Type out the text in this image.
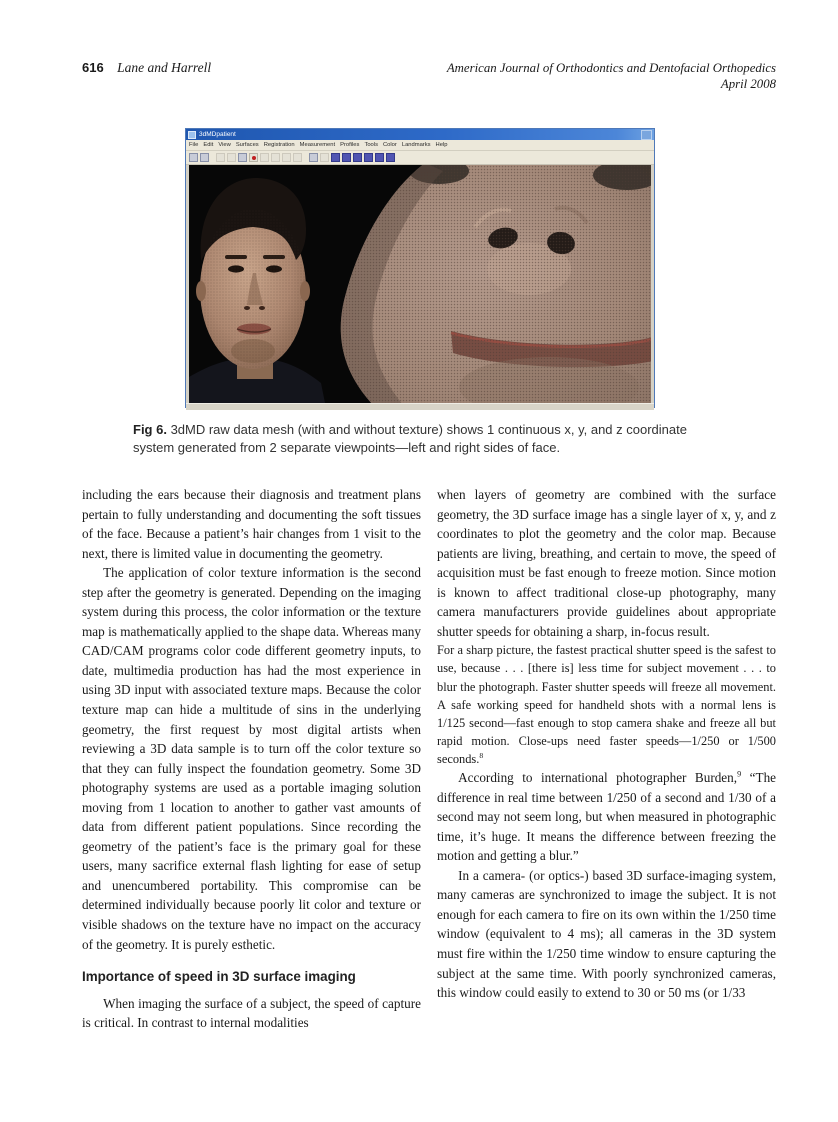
616 Lane and Harrell	American Journal of Orthodontics and Dentofacial Orthopedics
April 2008
3dMDpatient
File Edit View Surfaces Registration Measurement Profiles Tools Color Landmarks Help
Fig 6. 3dMD raw data mesh (with and without texture) shows 1 continuous x, y, and z coordinate system generated from 2 separate viewpoints—left and right sides of face.

including the ears because their diagnosis and treatment plans pertain to fully understanding and documenting the soft tissues of the face. Because a patient’s hair changes from 1 visit to the next, there is limited value in documenting the geometry.

The application of color texture information is the second step after the geometry is generated. Depending on the imaging system during this process, the color information or the texture map is mathematically applied to the shape data. Whereas many CAD/CAM programs color code different geometry inputs, to date, multimedia production has had the most experience in using 3D input with associated texture maps. Because the color texture map can hide a multitude of sins in the underlying geometry, the first request by most digital artists when reviewing a 3D data sample is to turn off the color texture so that they can fully inspect the foundation geometry. Some 3D photography systems are used as a portable imaging solution moving from 1 location to another to gather vast amounts of data from different patient populations. Since recording the geometry of the patient’s face is the primary goal for these users, many sacrifice external flash lighting for ease of setup and unencumbered portability. This compromise can be determined individually because poorly lit color and texture or visible shadows on the texture have no impact on the accuracy of the geometry. It is purely esthetic.

Importance of speed in 3D surface imaging

When imaging the surface of a subject, the speed of capture is critical. In contrast to internal modalities

when layers of geometry are combined with the surface geometry, the 3D surface image has a single layer of x, y, and z coordinates to plot the geometry and the color map. Because patients are living, breathing, and certain to move, the speed of acquisition must be fast enough to freeze motion. Since motion is known to affect traditional close-up photography, many camera manufacturers provide guidelines about appropriate shutter speeds for obtaining a sharp, in-focus result.

For a sharp picture, the fastest practical shutter speed is the safest to use, because . . . [there is] less time for subject movement . . . to blur the photograph. Faster shutter speeds will freeze all movement. A safe working speed for handheld shots with a normal lens is 1/125 second—fast enough to stop camera shake and freeze all but rapid motion. Close-ups need faster speeds—1/250 or 1/500 seconds.$^8$

According to international photographer Burden,$^9$ “The difference in real time between 1/250 of a second and 1/30 of a second may not seem long, but when measured in photographic time, it’s huge. It means the difference between freezing the motion and getting a blur.”

In a camera- (or optics-) based 3D surface-imaging system, many cameras are synchronized to image the subject. It is not enough for each camera to fire on its own within the 1/250 time window (equivalent to 4 ms); all cameras in the 3D system must fire within the 1/250 time window to ensure capturing the subject at the same time. With poorly synchronized cameras, this window could easily to extend to 30 or 50 ms (or 1/33
